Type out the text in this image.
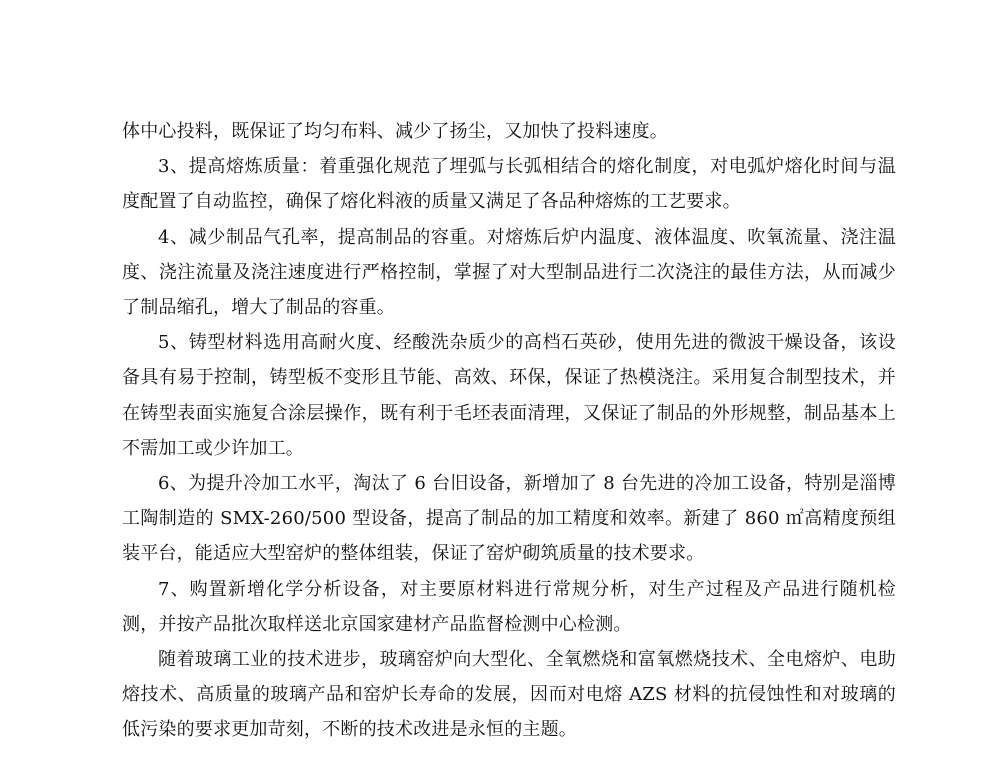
体中心投料，既保证了均匀布料、减少了扬尘，又加快了投料速度。

3、提高熔炼质量：着重强化规范了埋弧与长弧相结合的熔化制度，对电弧炉熔化时间与温度配置了自动监控，确保了熔化料液的质量又满足了各品种熔炼的工艺要求。

4、减少制品气孔率，提高制品的容重。对熔炼后炉内温度、液体温度、吹氧流量、浇注温度、浇注流量及浇注速度进行严格控制，掌握了对大型制品进行二次浇注的最佳方法，从而减少了制品缩孔，增大了制品的容重。

5、铸型材料选用高耐火度、经酸洗杂质少的高档石英砂，使用先进的微波干燥设备，该设备具有易于控制，铸型板不变形且节能、高效、环保，保证了热模浇注。采用复合制型技术，并在铸型表面实施复合涂层操作，既有利于毛坯表面清理，又保证了制品的外形规整，制品基本上不需加工或少许加工。

6、为提升冷加工水平，淘汰了 6 台旧设备，新增加了 8 台先进的冷加工设备，特别是淄博工陶制造的 SMX-260/500 型设备，提高了制品的加工精度和效率。新建了 860 ㎡高精度预组装平台，能适应大型窑炉的整体组装，保证了窑炉砌筑质量的技术要求。

7、购置新增化学分析设备，对主要原材料进行常规分析，对生产过程及产品进行随机检测，并按产品批次取样送北京国家建材产品监督检测中心检测。

随着玻璃工业的技术进步，玻璃窑炉向大型化、全氧燃烧和富氧燃烧技术、全电熔炉、电助熔技术、高质量的玻璃产品和窑炉长寿命的发展，因而对电熔 AZS 材料的抗侵蚀性和对玻璃的低污染的要求更加苛刻，不断的技术改进是永恒的主题。
